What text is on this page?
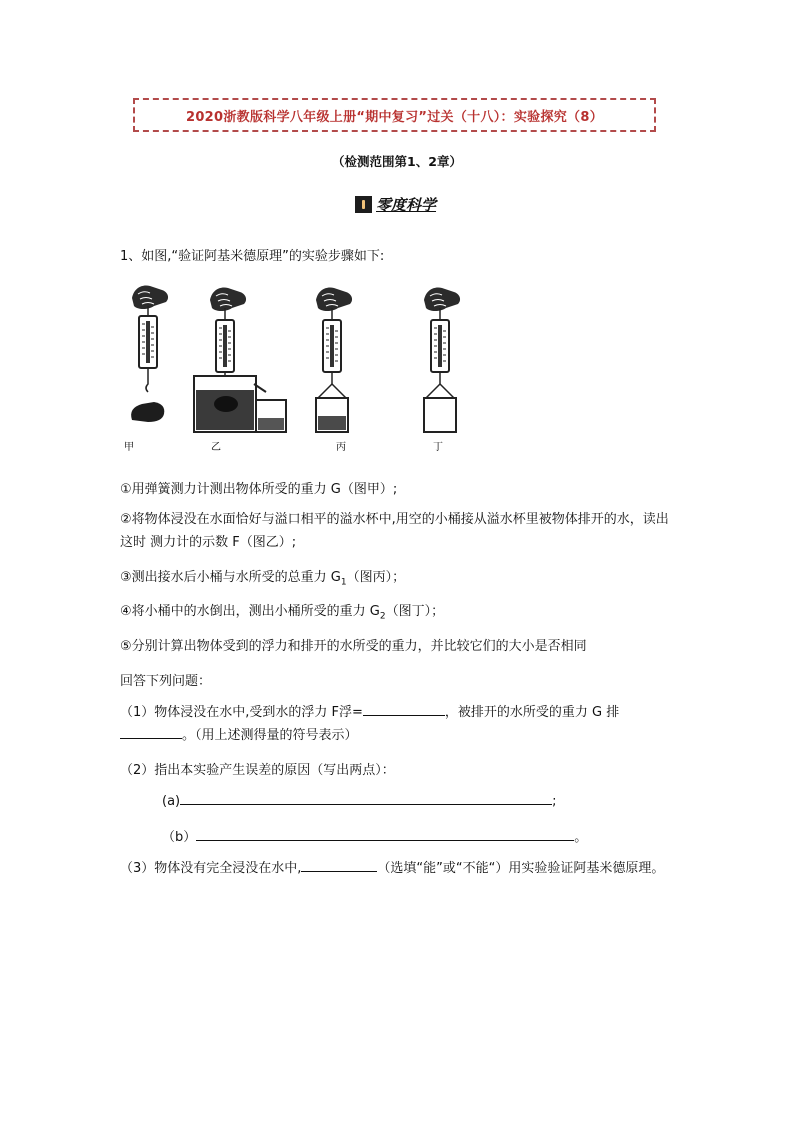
2020浙教版科学八年级上册“期中复习”过关（十八）：实验探究（8）
（检测范围第1、2章）
零度科学
1、如图,“验证阿基米德原理”的实验步骤如下:
甲	乙	丙	丁
①用弹簧测力计测出物体所受的重力 G（图甲）;
②将物体浸没在水面恰好与溢口相平的溢水杯中,用空的小桶接从溢水杯里被物体排开的水，读出这时 测力计的示数 F（图乙）;
③测出接水后小桶与水所受的总重力 $G_1$（图丙）；
④将小桶中的水倒出，测出小桶所受的重力 $G_2$（图丁）；
⑤分别计算出物体受到的浮力和排开的水所受的重力，并比较它们的大小是否相同
回答下列问题：
（1）物体浸没在水中,受到水的浮力 F浮=	，被排开的水所受的重力 G 排
。（用上述测得量的符号表示）
（2）指出本实验产生误差的原因（写出两点）：
(a)	;
（b）	。
（3）物体没有完全浸没在水中,	（选填“能”或“不能“）用实验验证阿基米德原理。
